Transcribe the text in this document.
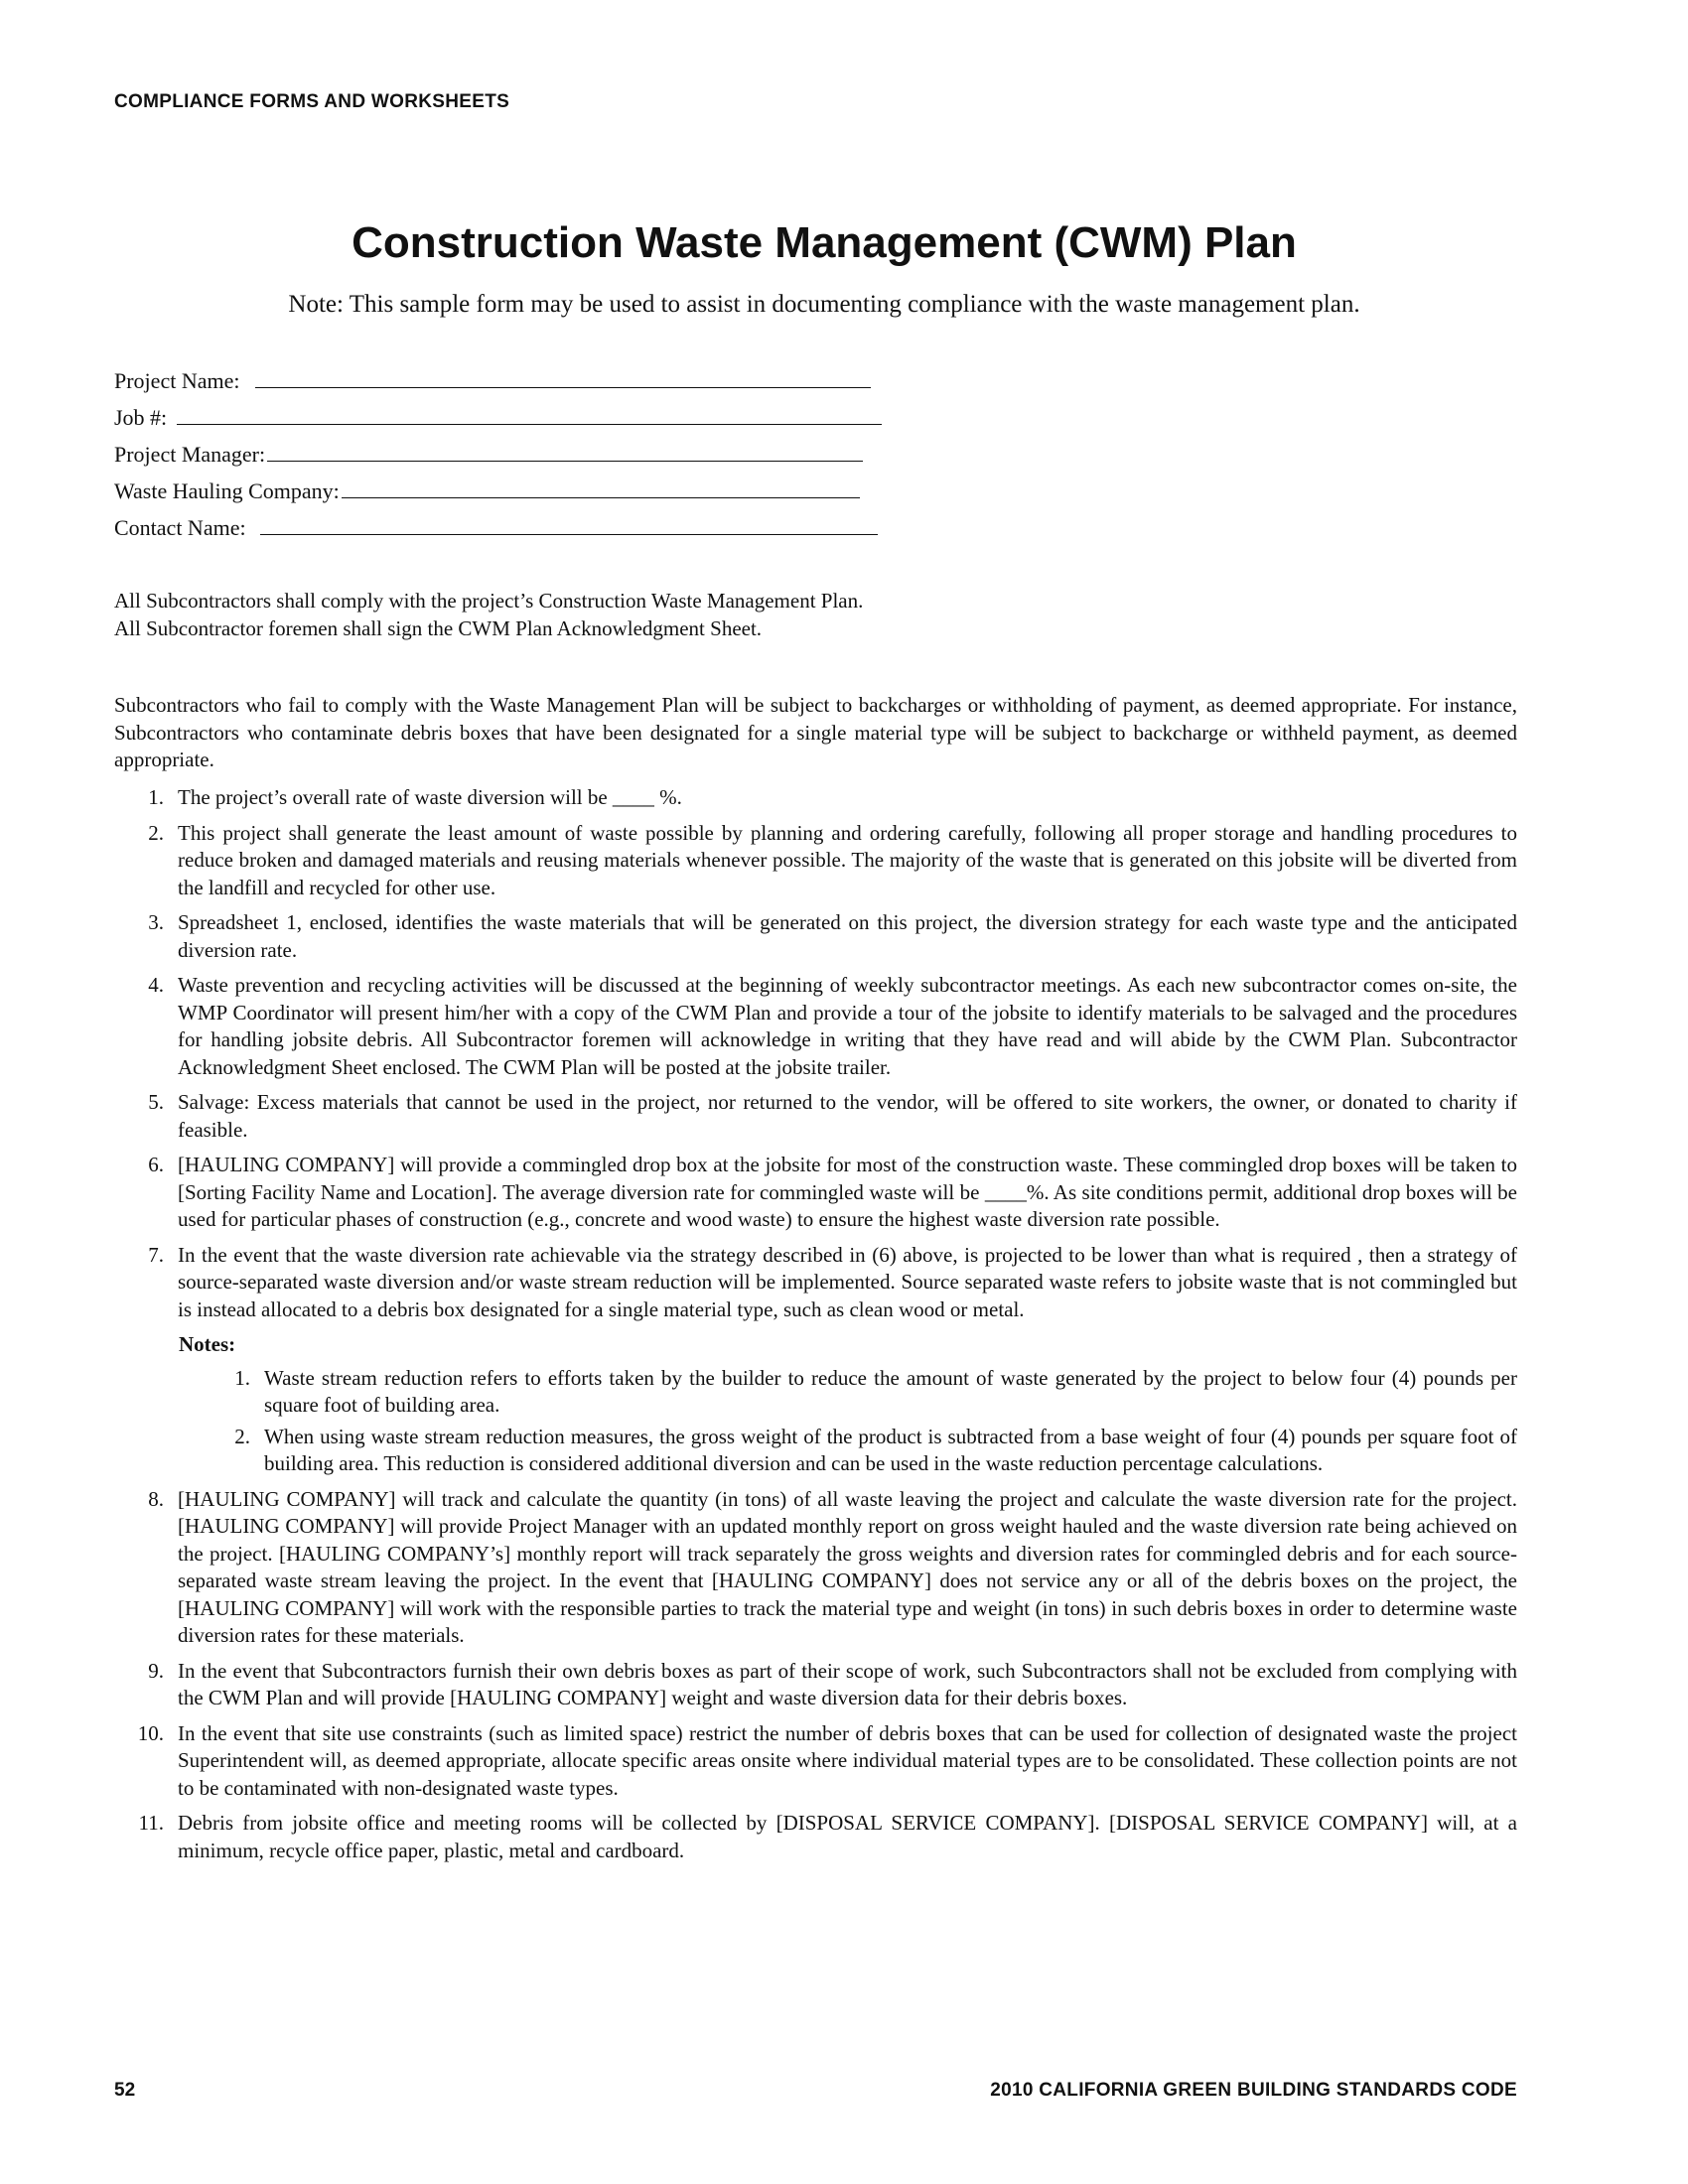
COMPLIANCE FORMS AND WORKSHEETS
Construction Waste Management (CWM) Plan
Note: This sample form may be used to assist in documenting compliance with the waste management plan.
Project Name:
Job #:
Project Manager:
Waste Hauling Company:
Contact Name:
All Subcontractors shall comply with the project’s Construction Waste Management Plan.
All Subcontractor foremen shall sign the CWM Plan Acknowledgment Sheet.
Subcontractors who fail to comply with the Waste Management Plan will be subject to backcharges or withholding of payment, as deemed appropriate. For instance, Subcontractors who contaminate debris boxes that have been designated for a single material type will be subject to backcharge or withheld payment, as deemed appropriate.
1. The project’s overall rate of waste diversion will be ____ %.
2. This project shall generate the least amount of waste possible by planning and ordering carefully, following all proper storage and handling procedures to reduce broken and damaged materials and reusing materials whenever possible. The majority of the waste that is generated on this jobsite will be diverted from the landfill and recycled for other use.
3. Spreadsheet 1, enclosed, identifies the waste materials that will be generated on this project, the diversion strategy for each waste type and the anticipated diversion rate.
4. Waste prevention and recycling activities will be discussed at the beginning of weekly subcontractor meetings. As each new subcontractor comes on-site, the WMP Coordinator will present him/her with a copy of the CWM Plan and provide a tour of the jobsite to identify materials to be salvaged and the procedures for handling jobsite debris. All Subcontractor foremen will acknowledge in writing that they have read and will abide by the CWM Plan. Subcontractor Acknowledgment Sheet enclosed. The CWM Plan will be posted at the jobsite trailer.
5. Salvage: Excess materials that cannot be used in the project, nor returned to the vendor, will be offered to site workers, the owner, or donated to charity if feasible.
6. [HAULING COMPANY] will provide a commingled drop box at the jobsite for most of the construction waste. These commingled drop boxes will be taken to [Sorting Facility Name and Location]. The average diversion rate for commingled waste will be ____%. As site conditions permit, additional drop boxes will be used for particular phases of construction (e.g., concrete and wood waste) to ensure the highest waste diversion rate possible.
7. In the event that the waste diversion rate achievable via the strategy described in (6) above, is projected to be lower than what is required , then a strategy of source-separated waste diversion and/or waste stream reduction will be implemented. Source separated waste refers to jobsite waste that is not commingled but is instead allocated to a debris box designated for a single material type, such as clean wood or metal.
Notes:
1. Waste stream reduction refers to efforts taken by the builder to reduce the amount of waste generated by the project to below four (4) pounds per square foot of building area.
2. When using waste stream reduction measures, the gross weight of the product is subtracted from a base weight of four (4) pounds per square foot of building area. This reduction is considered additional diversion and can be used in the waste reduction percentage calculations.
8. [HAULING COMPANY] will track and calculate the quantity (in tons) of all waste leaving the project and calculate the waste diversion rate for the project. [HAULING COMPANY] will provide Project Manager with an updated monthly report on gross weight hauled and the waste diversion rate being achieved on the project. [HAULING COMPANY’s] monthly report will track separately the gross weights and diversion rates for commingled debris and for each source-separated waste stream leaving the project. In the event that [HAULING COMPANY] does not service any or all of the debris boxes on the project, the [HAULING COMPANY] will work with the responsible parties to track the material type and weight (in tons) in such debris boxes in order to determine waste diversion rates for these materials.
9. In the event that Subcontractors furnish their own debris boxes as part of their scope of work, such Subcontractors shall not be excluded from complying with the CWM Plan and will provide [HAULING COMPANY] weight and waste diversion data for their debris boxes.
10. In the event that site use constraints (such as limited space) restrict the number of debris boxes that can be used for collection of designated waste the project Superintendent will, as deemed appropriate, allocate specific areas onsite where individual material types are to be consolidated. These collection points are not to be contaminated with non-designated waste types.
11. Debris from jobsite office and meeting rooms will be collected by [DISPOSAL SERVICE COMPANY]. [DISPOSAL SERVICE COMPANY] will, at a minimum, recycle office paper, plastic, metal and cardboard.
52	2010 CALIFORNIA GREEN BUILDING STANDARDS CODE
